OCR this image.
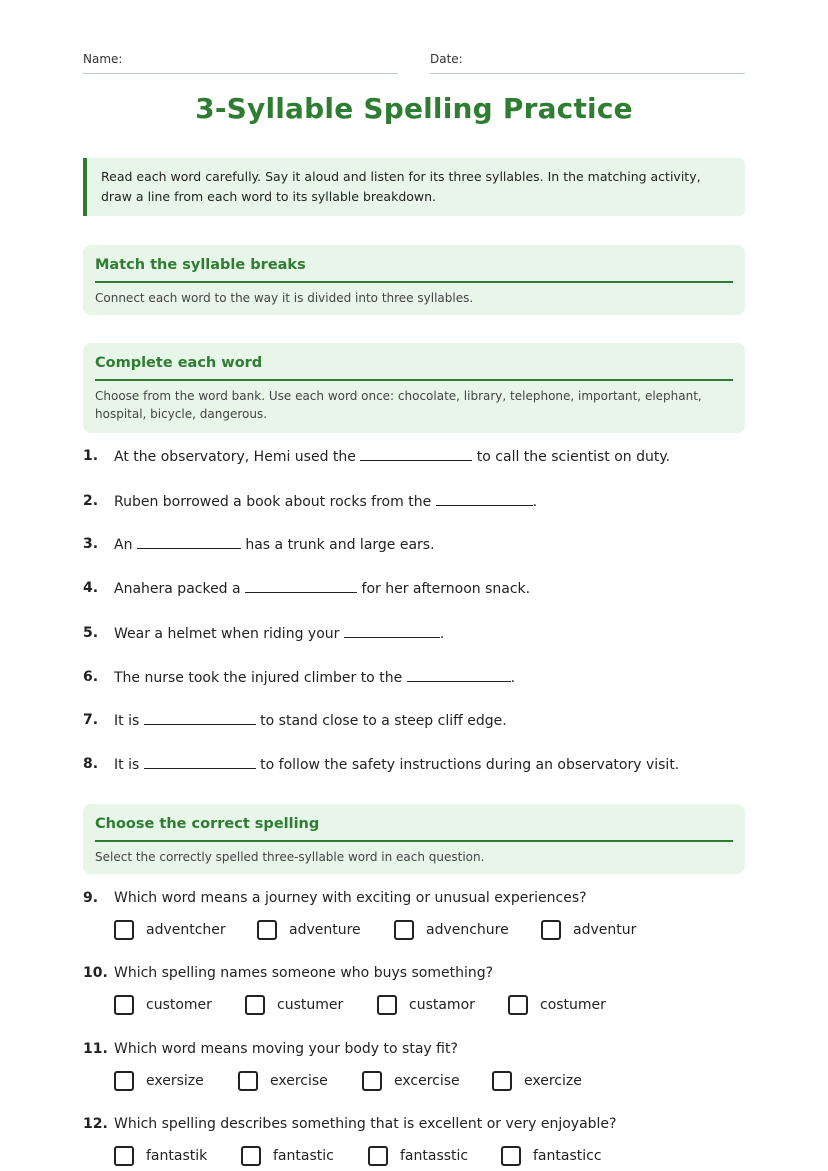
Name:	Date:
3-Syllable Spelling Practice
Read each word carefully. Say it aloud and listen for its three syllables. In the matching activity, draw a line from each word to its syllable breakdown.
Match the syllable breaks

Connect each word to the way it is divided into three syllables.

Complete each word

Choose from the word bank. Use each word once: chocolate, library, telephone, important, elephant, hospital, bicycle, dangerous.

1. At the observatory, Hemi used the	to call the scientist on duty.
2. Ruben borrowed a book about rocks from the	.
3. An	has a trunk and large ears.
4. Anahera packed a	for her afternoon snack.
5. Wear a helmet when riding your	.
6. The nurse took the injured climber to the	.
7. It is	to stand close to a steep cliff edge.
8. It is	to follow the safety instructions during an observatory visit.
Choose the correct spelling

Select the correctly spelled three-syllable word in each question.

9. Which word means a journey with exciting or unusual experiences?
adventcher	adventure	advenchure	adventur
10. Which spelling names someone who buys something?
customer	custumer	custamor	costumer
11. Which word means moving your body to stay fit?
exersize	exercise	excercise	exercize
12. Which spelling describes something that is excellent or very enjoyable?
fantastik	fantastic	fantasstic	fantasticc
